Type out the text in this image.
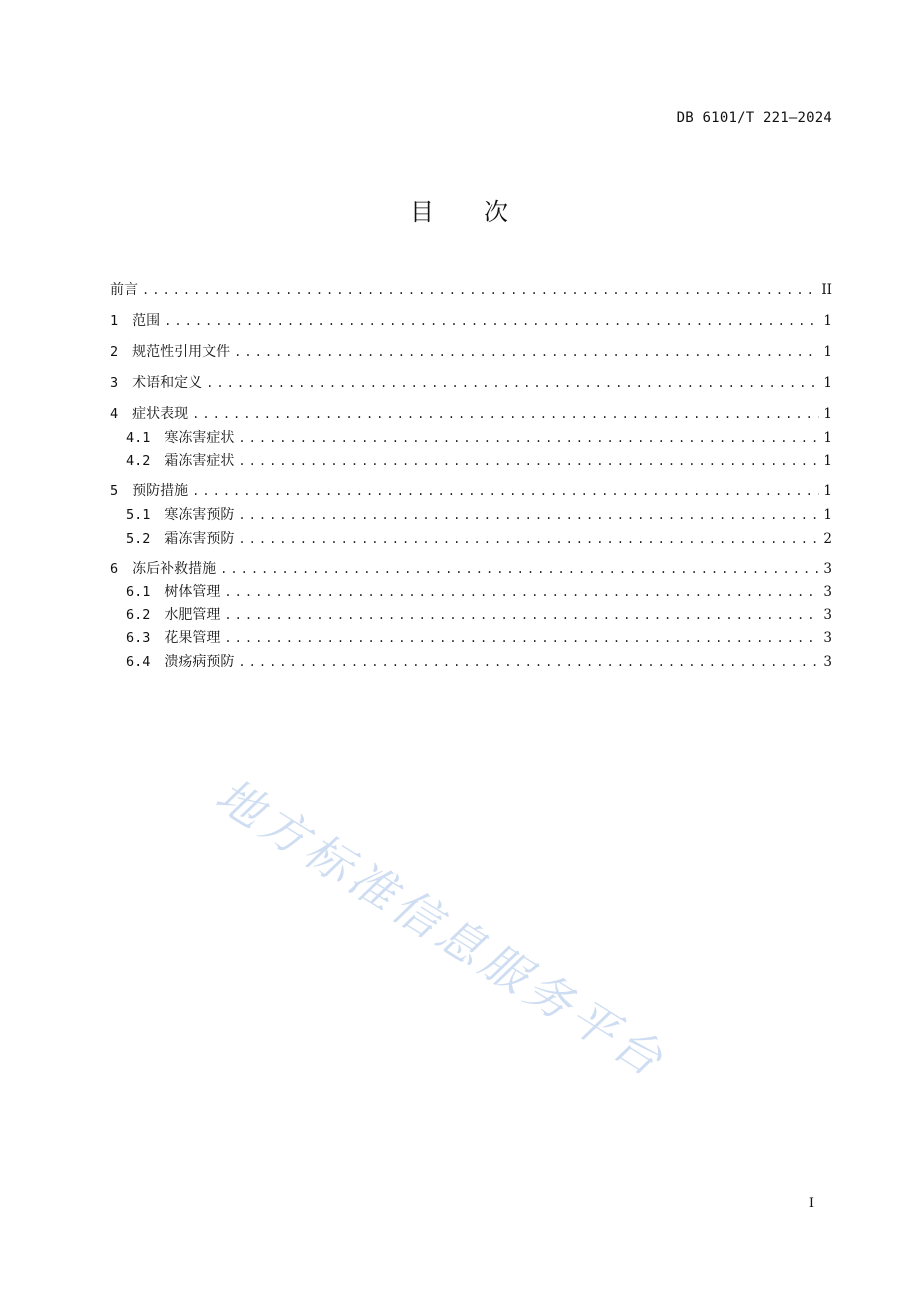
DB 6101/T 221—2024
目 次
前言 .....	II
1 范围 .....	1
2 规范性引用文件 .....	1
3 术语和定义 .....	1
4 症状表现 .....	1
4.1 寒冻害症状 .....	1
4.2 霜冻害症状 .....	1
5 预防措施 .....	1
5.1 寒冻害预防 .....	1
5.2 霜冻害预防 .....	2
6 冻后补救措施 .....	3
6.1 树体管理 .....	3
6.2 水肥管理 .....	3
6.3 花果管理 .....	3
6.4 溃疡病预防 .....	3
地方标准信息服务平台
I
